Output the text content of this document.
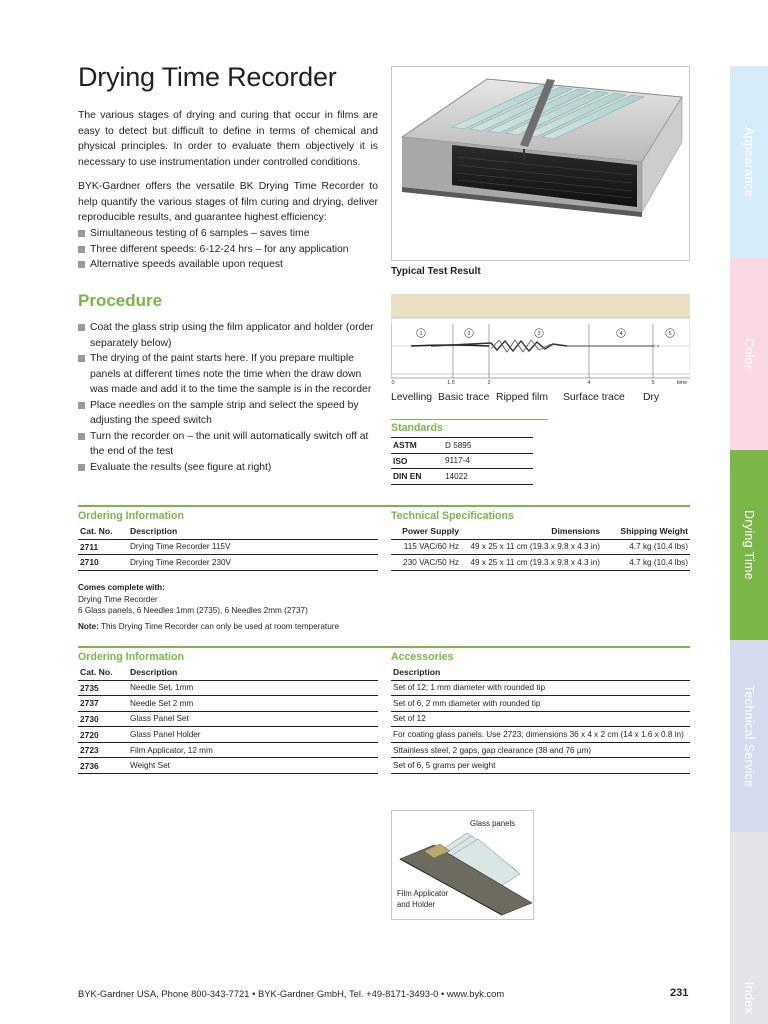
Appearance
Color
Drying Time
Technical Service
Index
Drying Time Recorder

The various stages of drying and curing that occur in films are easy to detect but difficult to define in terms of chemical and physical principles. In order to evaluate them objectively it is necessary to use instrumentation under controlled conditions.

BYK-Gardner offers the versatile BK Drying Time Recorder to help quantify the various stages of film curing and drying, deliver reproducible results, and guarantee highest efficiency:

Simultaneous testing of 6 samples – saves time
Three different speeds: 6-12-24 hrs – for any application
Alternative speeds available upon request
Procedure
Coat the glass strip using the film applicator and holder (order separately below)
The drying of the paint starts here. If you prepare multiple panels at different times note the time when the draw down was made and add it to the time the sample is in the recorder
Place needles on the sample strip and select the speed by adjusting the speed switch
Turn the recorder on – the unit will automatically switch off at the end of the test
Evaluate the results (see figure at right)
Typical Test Result
1	2	3	4	5
0	1.5	2	4	5	time
Levelling Basic trace Ripped film Surface trace Dry
Standards
ASTM	D 5895
ISO	9117-4
DIN EN	14022
Ordering Information	Technical Specifications
Cat. No.	Description
2711	Drying Time Recorder 115V
2710	Drying Time Recorder 230V
Power Supply	Dimensions	Shipping Weight
115 VAC/60 Hz	49 x 25 x 11 cm (19.3 x 9.8 x 4.3 in)	4.7 kg (10.4 lbs)
230 VAC/50 Hz	49 x 25 x 11 cm (19.3 x 9.8 x 4.3 in)	4.7 kg (10.4 lbs)
Comes complete with:
Drying Time Recorder
6 Glass panels, 6 Needles 1mm (2735), 6 Needles 2mm (2737)
Note: This Drying Time Recorder can only be used at room temperature
Ordering Information	Accessories
Cat. No.	Description
2735	Needle Set, 1mm
2737	Needle Set 2 mm
2730	Glass Panel Set
2720	Glass Panel Holder
2723	Film Applicator, 12 mm
2736	Weight Set
Description
Set of 12; 1 mm diameter with rounded tip
Set of 6, 2 mm diameter with rounded tip
Set of 12
For coating glass panels. Use 2723; dimensions 36 x 4 x 2 cm (14 x 1.6 x 0.8 in)
Sttainless steel, 2 gaps, gap clearance (38 and 76 µm)
Set of 6, 5 grams per weight
Glass panels
Film Applicator
and Holder
BYK-Gardner USA, Phone 800-343-7721 • BYK-Gardner GmbH, Tel. +49-8171-3493-0 • www.byk.com	231
